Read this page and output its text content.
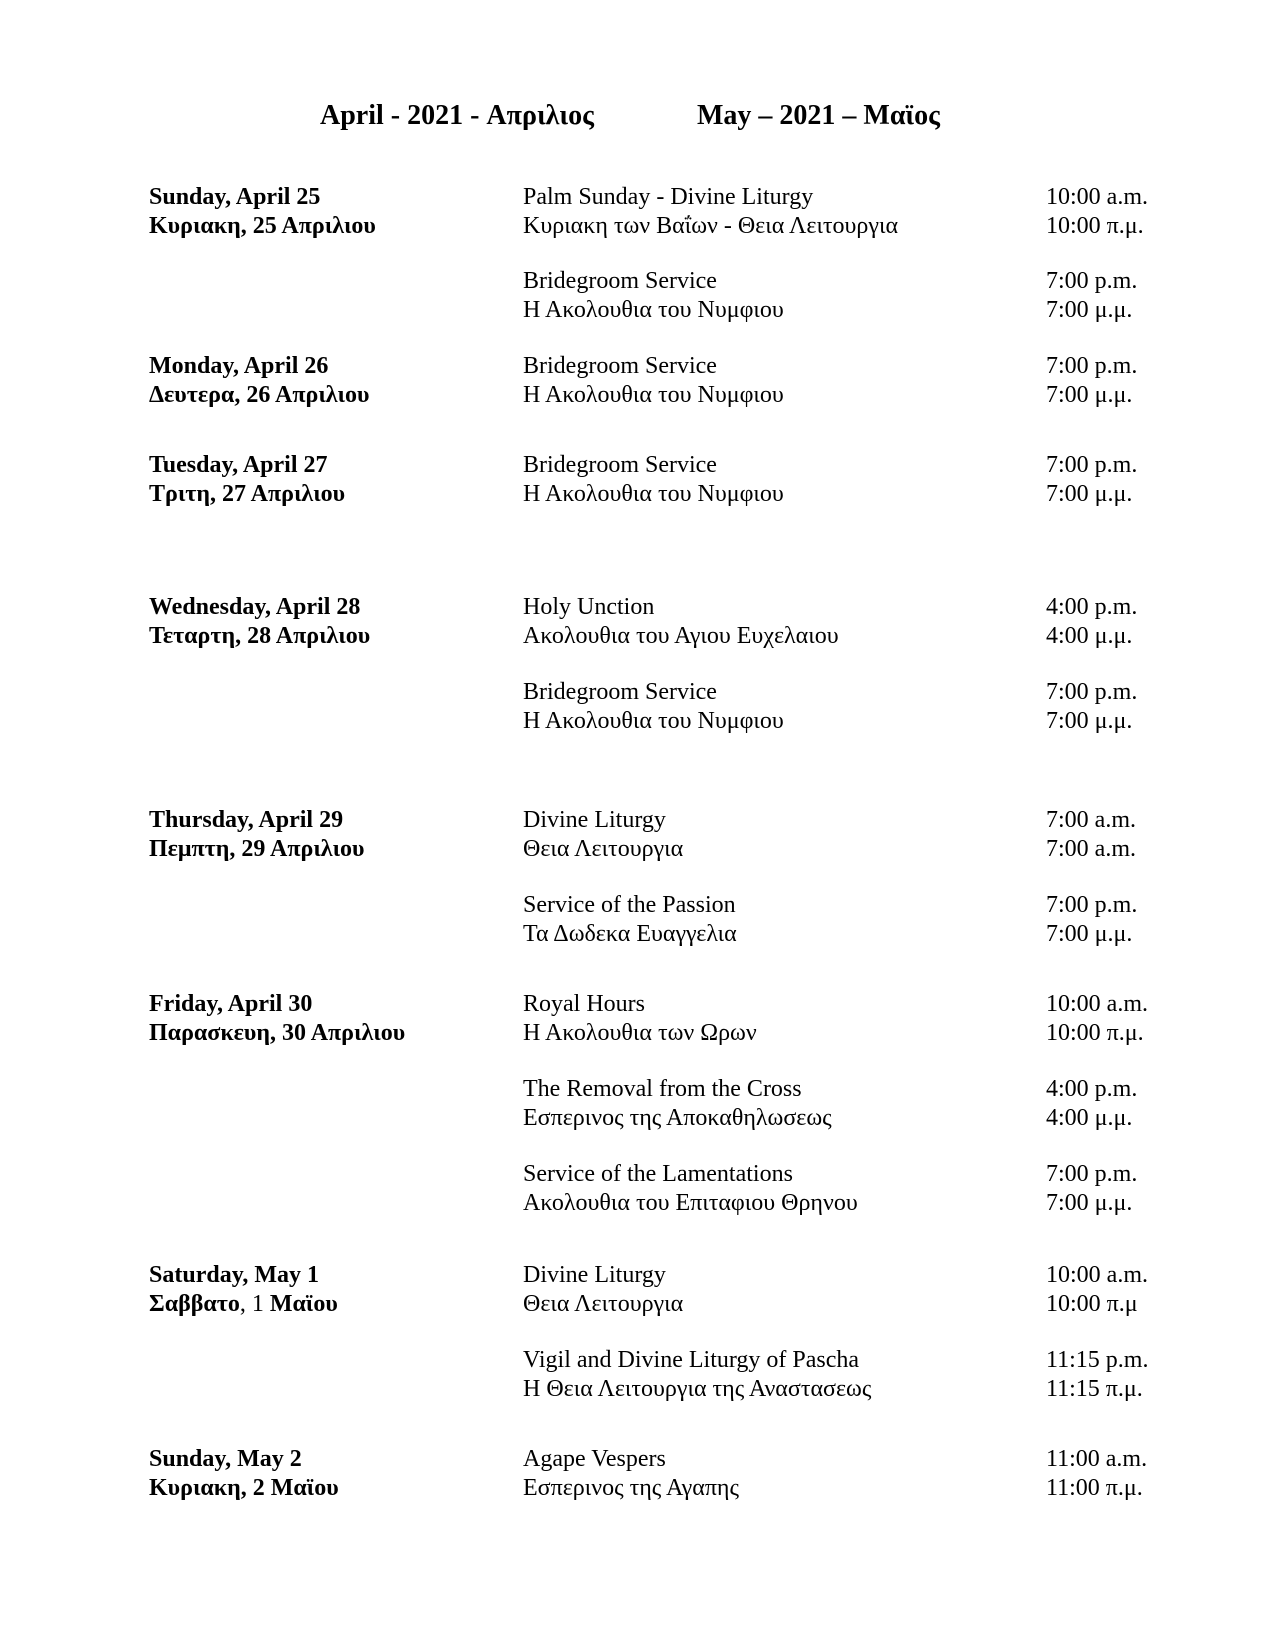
April - 2021 - Απριλιος	May – 2021 – Μαϊος
Sunday, April 25
Κυριακη, 25 Απριλιου
Palm Sunday - Divine Liturgy
Κυριακη των Βαΐων - Θεια Λειτουργια
10:00 a.m.
10:00 π.μ.
Bridegroom Service
Η Ακολουθια του Νυμφιου
7:00 p.m.
7:00 μ.μ.
Monday, April 26
Δευτερα, 26 Απριλιου
Bridegroom Service
Η Ακολουθια του Νυμφιου
7:00 p.m.
7:00 μ.μ.
Tuesday, April 27
Τριτη, 27 Απριλιου
Bridegroom Service
Η Ακολουθια του Νυμφιου
7:00 p.m.
7:00 μ.μ.
Wednesday, April 28
Τεταρτη, 28 Απριλιου
Holy Unction
Ακολουθια του Αγιου Ευχελαιου
4:00 p.m.
4:00 μ.μ.
Bridegroom Service
Η Ακολουθια του Νυμφιου
7:00 p.m.
7:00 μ.μ.
Thursday, April 29
Πεμπτη, 29 Απριλιου
Divine Liturgy
Θεια Λειτουργια
7:00 a.m.
7:00 a.m.
Service of the Passion
Τα Δωδεκα Ευαγγελια
7:00 p.m.
7:00 μ.μ.
Friday, April 30
Παρασκευη, 30 Απριλιου
Royal Hours
Η Ακολουθια των Ωρων
10:00 a.m.
10:00 π.μ.
The Removal from the Cross
Εσπερινος της Αποκαθηλωσεως
4:00 p.m.
4:00 μ.μ.
Service of the Lamentations
Ακολουθια του Επιταφιου Θρηνου
7:00 p.m.
7:00 μ.μ.
Saturday, May 1
Σαββατο, 1 Μαϊου
Divine Liturgy
Θεια Λειτουργια
10:00 a.m.
10:00 π.μ
Vigil and Divine Liturgy of Pascha
Η Θεια Λειτουργια της Αναστασεως
11:15 p.m.
11:15 π.μ.
Sunday, May 2
Κυριακη, 2 Μαϊου
Agape Vespers
Εσπερινος της Αγαπης
11:00 a.m.
11:00 π.μ.
